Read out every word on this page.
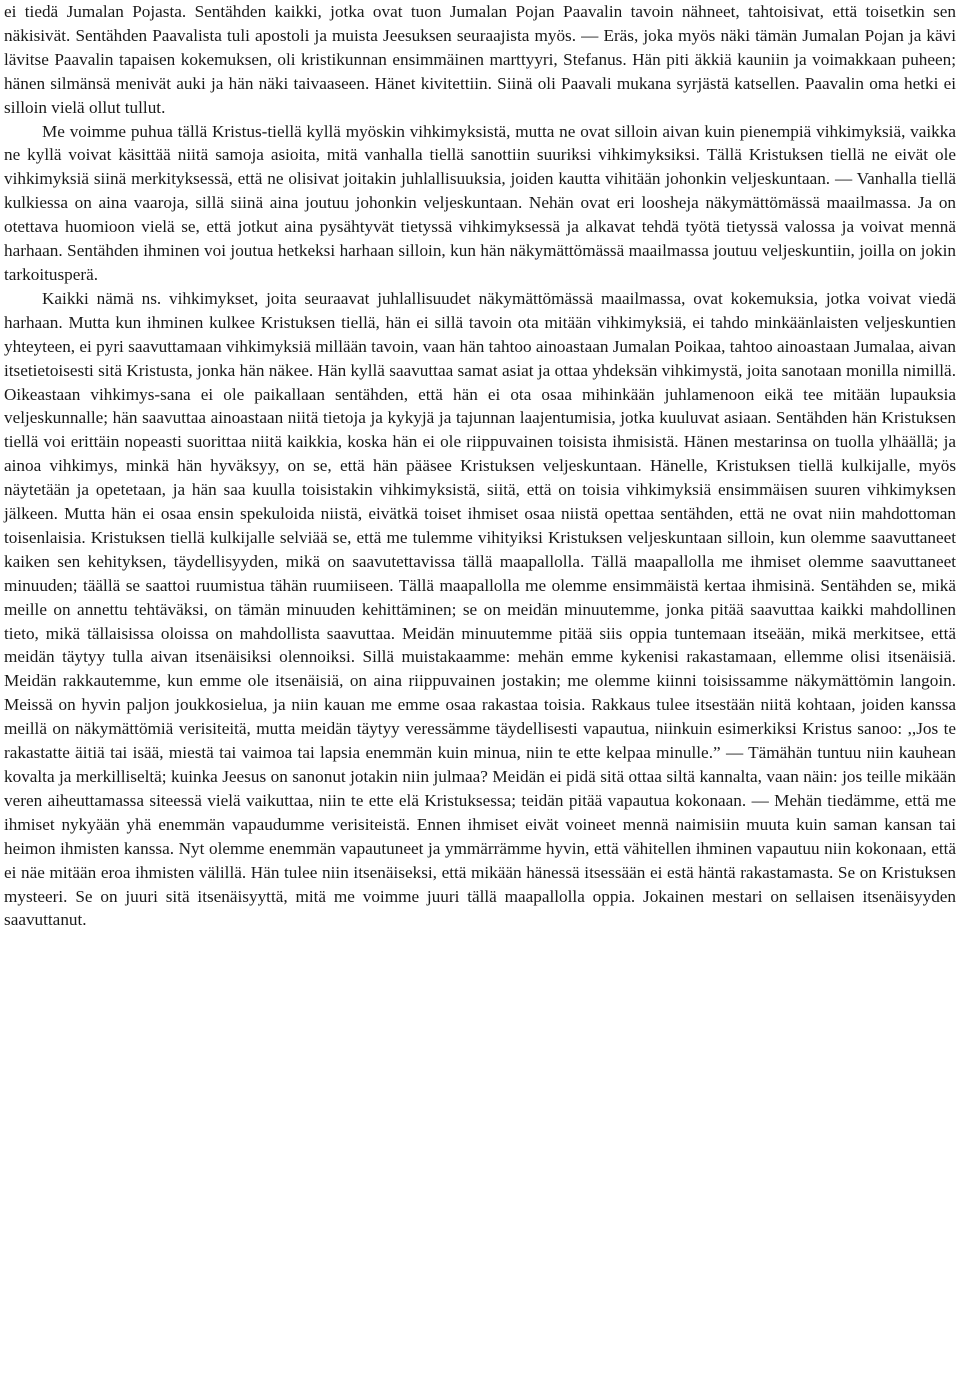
ei tiedä Jumalan Pojasta. Sentähden kaikki, jotka ovat tuon Jumalan Pojan Paavalin tavoin nähneet, tahtoisivat, että toisetkin sen näkisivät. Sentähden Paavalista tuli apostoli ja muista Jeesuksen seuraajista myös. — Eräs, joka myös näki tämän Jumalan Pojan ja kävi lävitse Paavalin tapaisen kokemuksen, oli kristikunnan ensimmäinen marttyyri, Stefanus. Hän piti äkkiä kauniin ja voimakkaan puheen; hänen silmänsä menivät auki ja hän näki taivaaseen. Hänet kivitettiin. Siinä oli Paavali mukana syrjästä katsellen. Paavalin oma hetki ei silloin vielä ollut tullut.

Me voimme puhua tällä Kristus-tiellä kyllä myöskin vihkimyksistä, mutta ne ovat silloin aivan kuin pienempiä vihkimyksiä, vaikka ne kyllä voivat käsittää niitä samoja asioita, mitä vanhalla tiellä sanottiin suuriksi vihkimyksiksi. Tällä Kristuksen tiellä ne eivät ole vihkimyksiä siinä merkityksessä, että ne olisivat joitakin juhlallisuuksia, joiden kautta vihitään johonkin veljeskuntaan. — Vanhalla tiellä kulkiessa on aina vaaroja, sillä siinä aina joutuu johonkin veljeskuntaan. Nehän ovat eri loosheja näkymättömässä maailmassa. Ja on otettava huomioon vielä se, että jotkut aina pysähtyvät tietyssä vihkimyksessä ja alkavat tehdä työtä tietyssä valossa ja voivat mennä harhaan. Sentähden ihminen voi joutua hetkeksi harhaan silloin, kun hän näkymättömässä maailmassa joutuu veljeskuntiin, joilla on jokin tarkoitusperä.

Kaikki nämä ns. vihkimykset, joita seuraavat juhlallisuudet näkymättömässä maailmassa, ovat kokemuksia, jotka voivat viedä harhaan. Mutta kun ihminen kulkee Kristuksen tiellä, hän ei sillä tavoin ota mitään vihkimyksiä, ei tahdo minkäänlaisten veljeskuntien yhteyteen, ei pyri saavuttamaan vihkimyksiä millään tavoin, vaan hän tahtoo ainoastaan Jumalan Poikaa, tahtoo ainoastaan Jumalaa, aivan itsetietoisesti sitä Kristusta, jonka hän näkee. Hän kyllä saavuttaa samat asiat ja ottaa yhdeksän vihkimystä, joita sanotaan monilla nimillä. Oikeastaan vihkimys-sana ei ole paikallaan sentähden, että hän ei ota osaa mihinkään juhlamenoon eikä tee mitään lupauksia veljeskunnalle; hän saavuttaa ainoastaan niitä tietoja ja kykyjä ja tajunnan laajentumisia, jotka kuuluvat asiaan. Sentähden hän Kristuksen tiellä voi erittäin nopeasti suorittaa niitä kaikkia, koska hän ei ole riippuvainen toisista ihmisistä. Hänen mestarinsa on tuolla ylhäällä; ja ainoa vihkimys, minkä hän hyväksyy, on se, että hän pääsee Kristuksen veljeskuntaan. Hänelle, Kristuksen tiellä kulkijalle, myös näytetään ja opetetaan, ja hän saa kuulla toisistakin vihkimyksistä, siitä, että on toisia vihkimyksiä ensimmäisen suuren vihkimyksen jälkeen. Mutta hän ei osaa ensin spekuloida niistä, eivätkä toiset ihmiset osaa niistä opettaa sentähden, että ne ovat niin mahdottoman toisenlaisia. Kristuksen tiellä kulkijalle selviää se, että me tulemme vihityiksi Kristuksen veljeskuntaan silloin, kun olemme saavuttaneet kaiken sen kehityksen, täydellisyyden, mikä on saavutettavissa tällä maapallolla. Tällä maapallolla me ihmiset olemme saavuttaneet minuuden; täällä se saattoi ruumistua tähän ruumiiseen. Tällä maapallolla me olemme ensimmäistä kertaa ihmisinä. Sentähden se, mikä meille on annettu tehtäväksi, on tämän minuuden kehittäminen; se on meidän minuutemme, jonka pitää saavuttaa kaikki mahdollinen tieto, mikä tällaisissa oloissa on mahdollista saavuttaa. Meidän minuutemme pitää siis oppia tuntemaan itseään, mikä merkitsee, että meidän täytyy tulla aivan itsenäisiksi olennoiksi. Sillä muistakaamme: mehän emme kykenisi rakastamaan, ellemme olisi itsenäisiä. Meidän rakkautemme, kun emme ole itsenäisiä, on aina riippuvainen jostakin; me olemme kiinni toisissamme näkymättömin langoin. Meissä on hyvin paljon joukkosielua, ja niin kauan me emme osaa rakastaa toisia. Rakkaus tulee itsestään niitä kohtaan, joiden kanssa meillä on näkymättömiä verisiteitä, mutta meidän täytyy veressämme täydellisesti vapautua, niinkuin esimerkiksi Kristus sanoo: ,,Jos te rakastatte äitiä tai isää, miestä tai vaimoa tai lapsia enemmän kuin minua, niin te ette kelpaa minulle.” — Tämähän tuntuu niin kauhean kovalta ja merkilliseltä; kuinka Jeesus on sanonut jotakin niin julmaa? Meidän ei pidä sitä ottaa siltä kannalta, vaan näin: jos teille mikään veren aiheuttamassa siteessä vielä vaikuttaa, niin te ette elä Kristuksessa; teidän pitää vapautua kokonaan. — Mehän tiedämme, että me ihmiset nykyään yhä enemmän vapaudumme verisiteistä. Ennen ihmiset eivät voineet mennä naimisiin muuta kuin saman kansan tai heimon ihmisten kanssa. Nyt olemme enemmän vapautuneet ja ymmärrämme hyvin, että vähitellen ihminen vapautuu niin kokonaan, että ei näe mitään eroa ihmisten välillä. Hän tulee niin itsenäiseksi, että mikään hänessä itsessään ei estä häntä rakastamasta. Se on Kristuksen mysteeri. Se on juuri sitä itsenäisyyttä, mitä me voimme juuri tällä maapallolla oppia. Jokainen mestari on sellaisen itsenäisyyden saavuttanut.
